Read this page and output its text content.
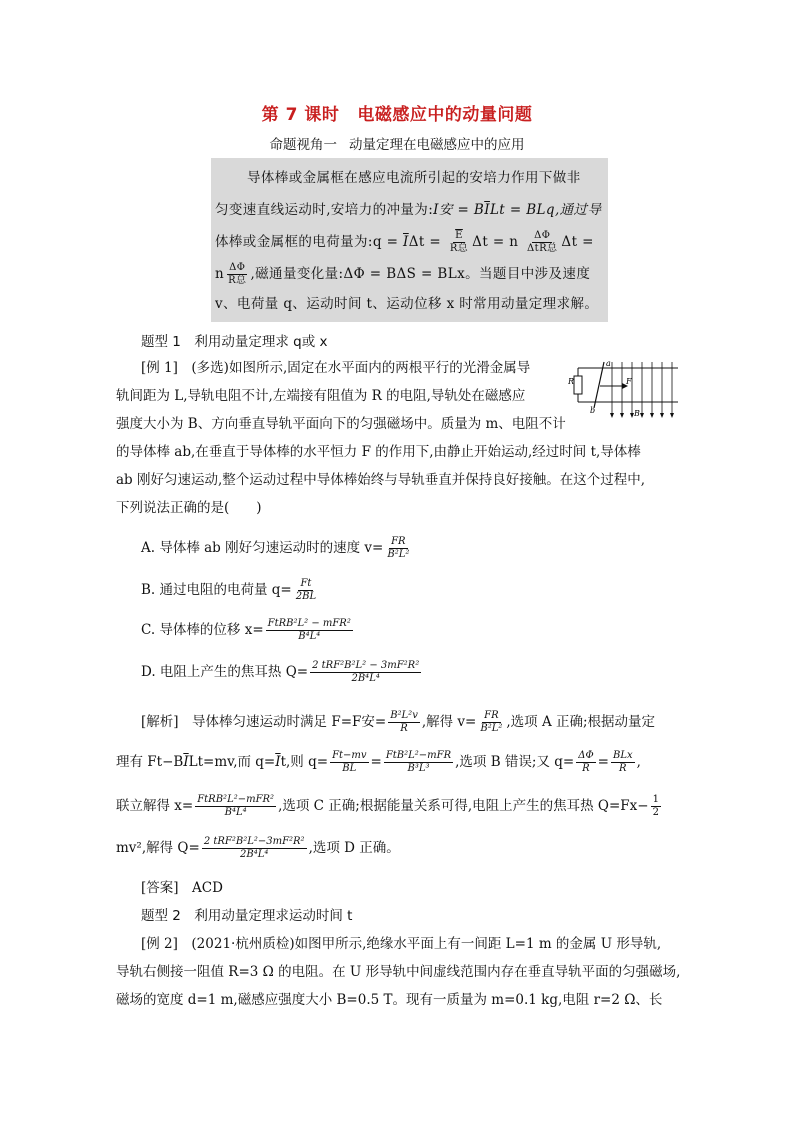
第 7 课时 电磁感应中的动量问题
命题视角一 动量定理在电磁感应中的应用
导体棒或金属框在感应电流所引起的安培力作用下做非
匀变速直线运动时,安培力的冲量为:I安 = $B\overline{I}Lt$ = BLq,通过导
体棒或金属框的电荷量为:q = $\overline{I}\Delta t = \frac{\overline{E}}{\text{R总}}$ Δt = n $\frac{\Delta\Phi}{\text{ΔtR总}}$ Δt =
n $\frac{\Delta\Phi}{\text{R总}}$ ,磁通量变化量:ΔΦ = BΔS = BLx。当题目中涉及速度
v、电荷量 q、运动时间 t、运动位移 x 时常用动量定理求解。
题型 1　利用动量定理求 q或 x
[例 1]　(多选)如图所示,固定在水平面内的两根平行的光滑金属导
轨间距为 L,导轨电阻不计,左端接有阻值为 R 的电阻,导轨处在磁感应
强度大小为 B、方向垂直导轨平面向下的匀强磁场中。质量为 m、电阻不计
的导体棒 ab,在垂直于导体棒的水平恒力 F 的作用下,由静止开始运动,经过时间 t,导体棒
ab 刚好匀速运动,整个运动过程中导体棒始终与导轨垂直并保持良好接触。在这个过程中,
下列说法正确的是(　　)
a
b
R	F
B
A. 导体棒 ab 刚好匀速运动时的速度 $v= \frac{FR}{\text{B²L²}}$
B. 通过电阻的电荷量 $q= \frac{Ft}{2BL}$
C. 导体棒的位移 $x= \frac{\text{FtRB²L² − mFR²}}{\text{B⁴L⁴}}$
D. 电阻上产生的焦耳热 $Q= \frac{\text{2 tRF²B²L² − 3mF²R²}}{\text{2B⁴L⁴}}$
[解析]　导体棒匀速运动时满足 F=F安= $\frac{\text{B²L²v}}{R}$ ,解得 $v= \frac{FR}{\text{B²L²}}$ ,选项 A 正确;根据动量定
理有 $Ft-B\overline{I}Lt=mv$,而 $q=\overline{I}t$,则 $q= \frac{Ft-mv}{BL} = \frac{\text{FtB²L²−mFR}}{\text{B³L³}}$ ,选项 B 错误;又 $q= \frac{\Delta\Phi}{R} = \frac{\text{BLx}}{R}$ ,
联立解得 $x= \frac{\text{FtRB²L²−mFR²}}{\text{B⁴L⁴}}$ ,选项 C 正确;根据能量关系可得,电阻上产生的焦耳热 $Q=Fx- \frac{1}{2}$
mv²,解得 $Q= \frac{\text{2 tRF²B²L²−3mF²R²}}{\text{2B⁴L⁴}}$ ,选项 D 正确。
[答案]　ACD
题型 2　利用动量定理求运动时间 t
[例 2]　(2021·杭州质检)如图甲所示,绝缘水平面上有一间距 L=1 m 的金属 U 形导轨,
导轨右侧接一阻值 R=3 Ω 的电阻。在 U 形导轨中间虚线范围内存在垂直导轨平面的匀强磁场,
磁场的宽度 d=1 m,磁感应强度大小 B=0.5 T。现有一质量为 m=0.1 kg,电阻 r=2 Ω、长
